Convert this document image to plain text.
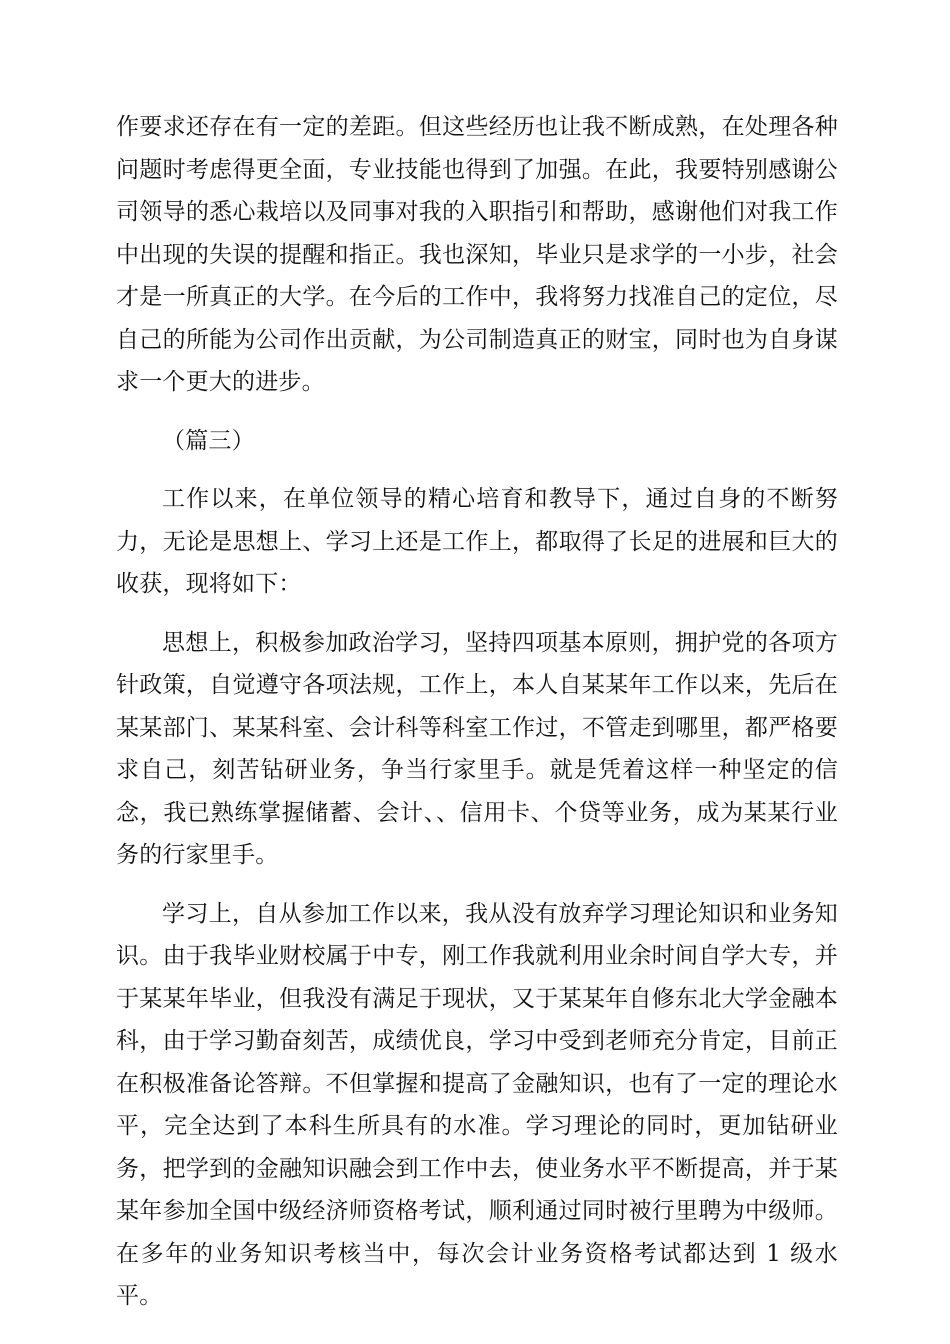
作要求还存在有一定的差距。但这些经历也让我不断成熟，在处理各种问题时考虑得更全面，专业技能也得到了加强。在此，我要特别感谢公司领导的悉心栽培以及同事对我的入职指引和帮助，感谢他们对我工作中出现的失误的提醒和指正。我也深知，毕业只是求学的一小步，社会才是一所真正的大学。在今后的工作中，我将努力找准自己的定位，尽自己的所能为公司作出贡献，为公司制造真正的财宝，同时也为自身谋求一个更大的进步。

（篇三）

工作以来，在单位领导的精心培育和教导下，通过自身的不断努力，无论是思想上、学习上还是工作上，都取得了长足的进展和巨大的收获，现将如下：

思想上，积极参加政治学习，坚持四项基本原则，拥护党的各项方针政策，自觉遵守各项法规，工作上，本人自某某年工作以来，先后在某某部门、某某科室、会计科等科室工作过，不管走到哪里，都严格要求自己，刻苦钻研业务，争当行家里手。就是凭着这样一种坚定的信念，我已熟练掌握储蓄、会计、、信用卡、个贷等业务，成为某某行业务的行家里手。

学习上，自从参加工作以来，我从没有放弃学习理论知识和业务知识。由于我毕业财校属于中专，刚工作我就利用业余时间自学大专，并于某某年毕业，但我没有满足于现状，又于某某年自修东北大学金融本科，由于学习勤奋刻苦，成绩优良，学习中受到老师充分肯定，目前正在积极准备论答辩。不但掌握和提高了金融知识，也有了一定的理论水平，完全达到了本科生所具有的水准。学习理论的同时，更加钻研业务，把学到的金融知识融会到工作中去，使业务水平不断提高，并于某某年参加全国中级经济师资格考试，顺利通过同时被行里聘为中级师。在多年的业务知识考核当中，每次会计业务资格考试都达到 1 级水平。
